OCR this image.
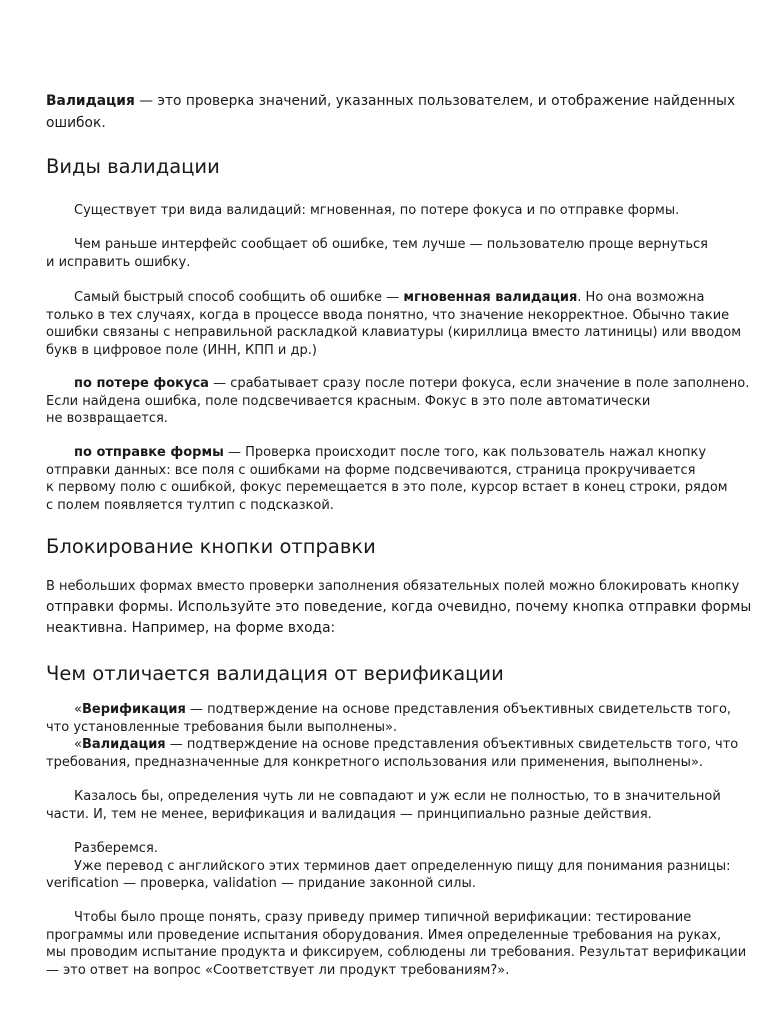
Валидация — это проверка значений, указанных пользователем, и отображение найденных
ошибок.

Виды валидации

Существует три вида валидаций: мгновенная, по потере фокуса и по отправке формы.

Чем раньше интерфейс сообщает об ошибке, тем лучше — пользователю проще вернуться
и исправить ошибку.

Самый быстрый способ сообщить об ошибке — мгновенная валидация. Но она возможна
только в тех случаях, когда в процессе ввода понятно, что значение некорректное. Обычно такие
ошибки связаны с неправильной раскладкой клавиатуры (кириллица вместо латиницы) или вводом
букв в цифровое поле (ИНН, КПП и др.)

по потере фокуса — срабатывает сразу после потери фокуса, если значение в поле заполнено.
Если найдена ошибка, поле подсвечивается красным. Фокус в это поле автоматически
не возвращается.

по отправке формы — Проверка происходит после того, как пользователь нажал кнопку
отправки данных: все поля с ошибками на форме подсвечиваются, страница прокручивается
к первому полю с ошибкой, фокус перемещается в это поле, курсор встает в конец строки, рядом
с полем появляется тултип с подсказкой.

Блокирование кнопки отправки

В небольших формах вместо проверки заполнения обязательных полей можно блокировать кнопку
отправки формы. Используйте это поведение, когда очевидно, почему кнопка отправки формы
неактивна. Например, на форме входа:

Чем отличается валидация от верификации

«Верификация — подтверждение на основе представления объективных свидетельств того,
что установленные требования были выполнены».

«Валидация — подтверждение на основе представления объективных свидетельств того, что
требования, предназначенные для конкретного использования или применения, выполнены».

Казалось бы, определения чуть ли не совпадают и уж если не полностью, то в значительной
части. И, тем не менее, верификация и валидация — принципиально разные действия.

Разберемся.
Уже перевод с английского этих терминов дает определенную пищу для понимания разницы:
verification — проверка, validation — придание законной силы.

Чтобы было проще понять, сразу приведу пример типичной верификации: тестирование
программы или проведение испытания оборудования. Имея определенные требования на руках,
мы проводим испытание продукта и фиксируем, соблюдены ли требования. Результат верификации
— это ответ на вопрос «Соответствует ли продукт требованиям?».
